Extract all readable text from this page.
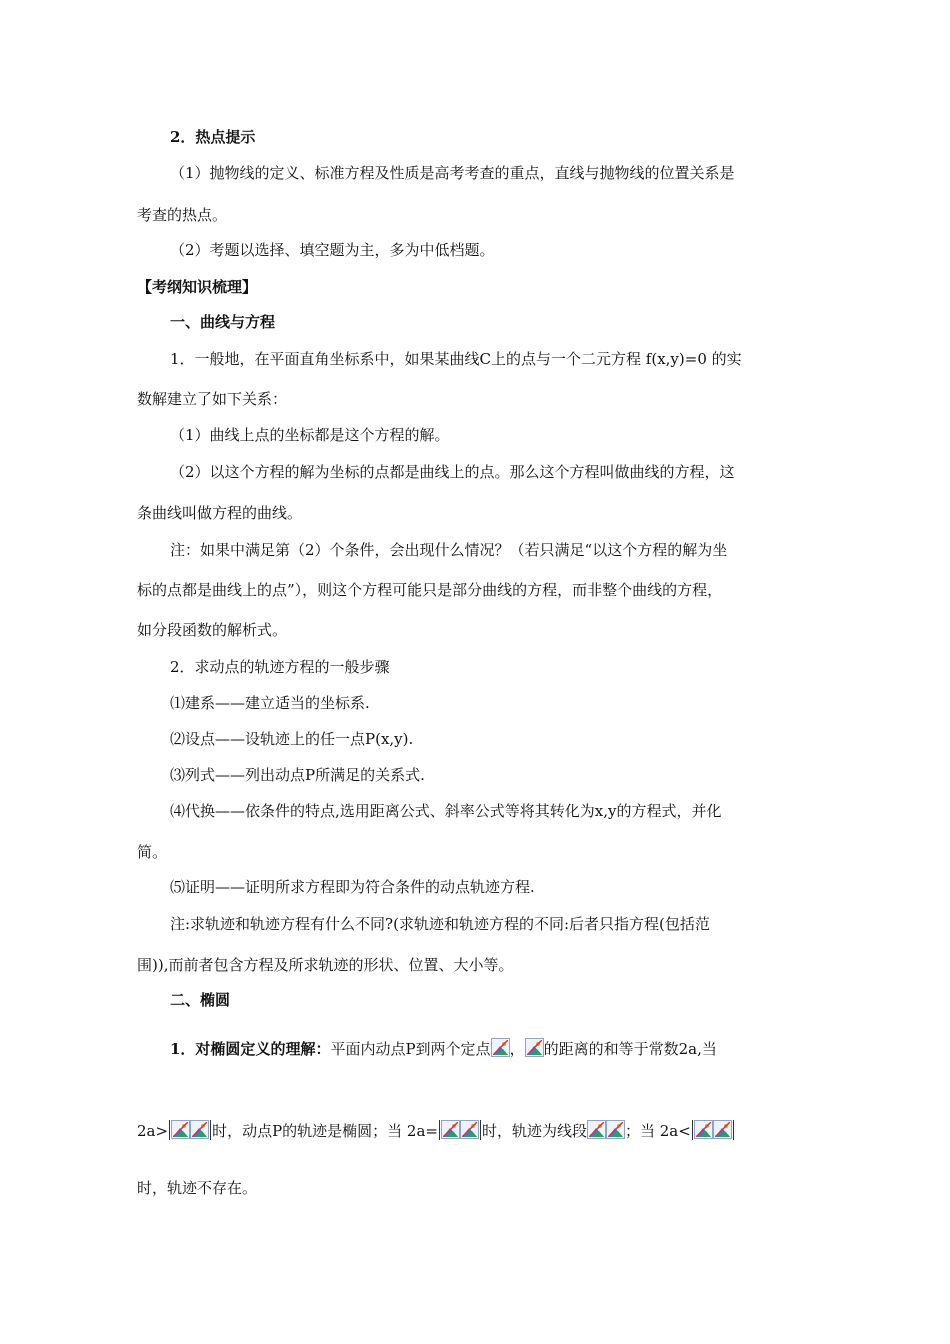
2．热点提示
（1）抛物线的定义、标准方程及性质是高考考查的重点，直线与抛物线的位置关系是
考查的热点。
（2）考题以选择、填空题为主，多为中低档题。
【考纲知识梳理】
一、曲线与方程
1．一般地，在平面直角坐标系中，如果某曲线C上的点与一个二元方程 f(x,y)=0 的实
数解建立了如下关系：
（1）曲线上点的坐标都是这个方程的解。
（2）以这个方程的解为坐标的点都是曲线上的点。那么这个方程叫做曲线的方程，这
条曲线叫做方程的曲线。
注：如果中满足第（2）个条件，会出现什么情况？（若只满足“以这个方程的解为坐
标的点都是曲线上的点”），则这个方程可能只是部分曲线的方程，而非整个曲线的方程，
如分段函数的解析式。
2．求动点的轨迹方程的一般步骤
⑴建系——建立适当的坐标系.
⑵设点——设轨迹上的任一点P(x,y).
⑶列式——列出动点P所满足的关系式.
⑷代换——依条件的特点,选用距离公式、斜率公式等将其转化为x,y的方程式，并化
简。
⑸证明——证明所求方程即为符合条件的动点轨迹方程.
注:求轨迹和轨迹方程有什么不同?(求轨迹和轨迹方程的不同:后者只指方程(包括范
围)),而前者包含方程及所求轨迹的形状、位置、大小等。
二、椭圆
1．对椭圆定义的理解：平面内动点P到两个定点 ， 的距离的和等于常数2a,当
2a>	时，动点P的轨迹是椭圆；当 2a=	时，轨迹为线段	；当 2a<
时，轨迹不存在。
